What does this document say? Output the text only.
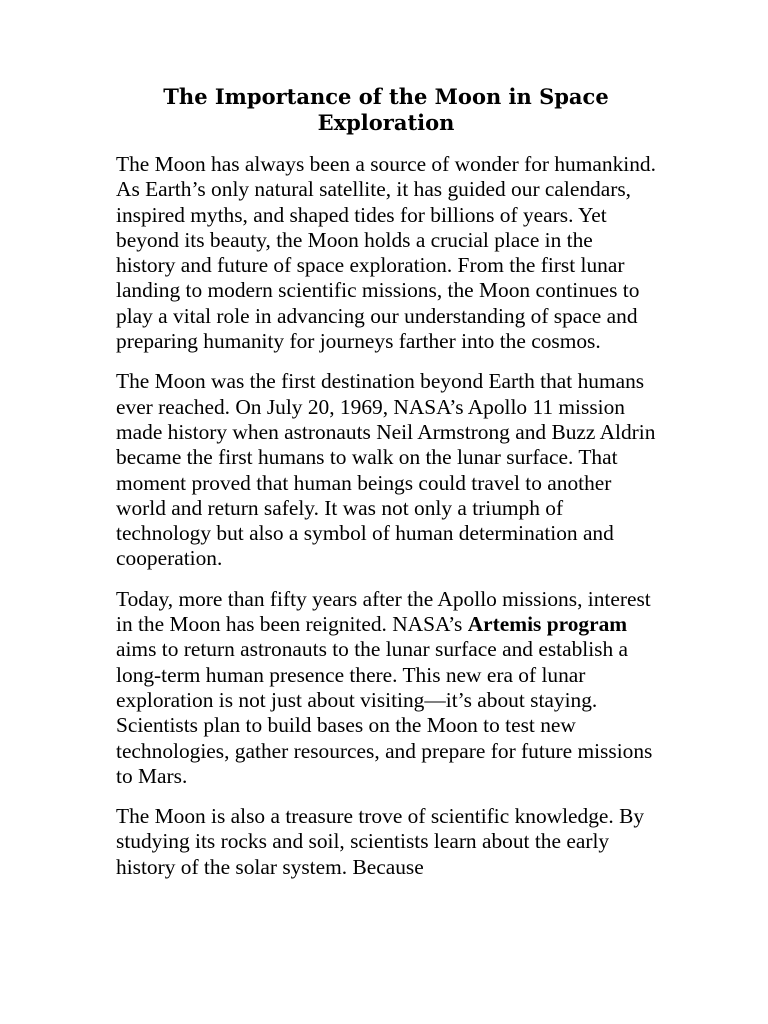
The Importance of the Moon in Space Exploration

The Moon has always been a source of wonder for humankind. As Earth’s only natural satellite, it has guided our calendars, inspired myths, and shaped tides for billions of years. Yet beyond its beauty, the Moon holds a crucial place in the history and future of space exploration. From the first lunar landing to modern scientific missions, the Moon continues to play a vital role in advancing our understanding of space and preparing humanity for journeys farther into the cosmos.

The Moon was the first destination beyond Earth that humans ever reached. On July 20, 1969, NASA’s Apollo 11 mission made history when astronauts Neil Armstrong and Buzz Aldrin became the first humans to walk on the lunar surface. That moment proved that human beings could travel to another world and return safely. It was not only a triumph of technology but also a symbol of human determination and cooperation.

Today, more than fifty years after the Apollo missions, interest in the Moon has been reignited. NASA’s Artemis program aims to return astronauts to the lunar surface and establish a long-term human presence there. This new era of lunar exploration is not just about visiting—it’s about staying. Scientists plan to build bases on the Moon to test new technologies, gather resources, and prepare for future missions to Mars.

The Moon is also a treasure trove of scientific knowledge. By studying its rocks and soil, scientists learn about the early history of the solar system. Because
